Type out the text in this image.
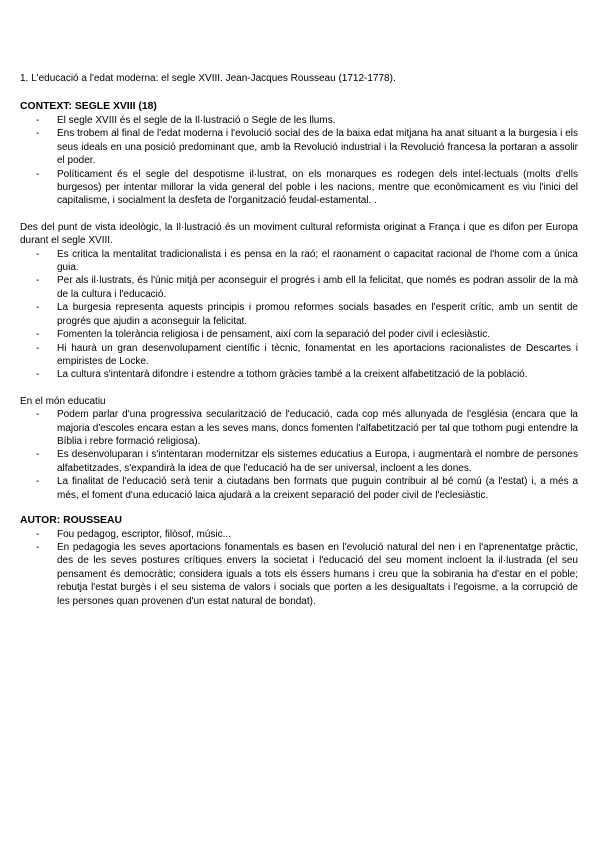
1. L'educació a l'edat moderna: el segle XVIII. Jean-Jacques Rousseau (1712-1778).

CONTEXT: SEGLE XVIII (18)
- El segle XVIII és el segle de la Il·lustració o Segle de les llums.
- Ens trobem al final de l'edat moderna i l'evolució social des de la baixa edat mitjana ha anat situant a la burgesia i els seus ideals en una posició predominant que, amb la Revolució industrial i la Revolució francesa la portaran a assolir el poder.
- Políticament és el segle del despotisme il·lustrat, on els monarques es rodegen dels intel·lectuals (molts d'ells burgesos) per intentar millorar la vida general del poble i les nacions, mentre que econòmicament es viu l'inici del capitalisme, i socialment la desfeta de l'organització feudal-estamental. .

Des del punt de vista ideològic, la Il·lustració és un moviment cultural reformista originat a França i que es difon per Europa durant el segle XVIII.

- Es critica la mentalitat tradicionalista i es pensa en la raó; el raonament o capacitat racional de l'home com a única guia.
- Per als il·lustrats, és l'únic mitjà per aconseguir el progrés i amb ell la felicitat, que només es podran assolir de la mà de la cultura i l'educació.
- La burgesia representa aquests principis i promou reformes socials basades en l'esperit crític, amb un sentit de progrés que ajudin a aconseguir la felicitat.
- Fomenten la tolerància religiosa i de pensament, així com la separació del poder civil i eclesiàstic.
- Hi haurà un gran desenvolupament científic i tècnic, fonamentat en les aportacions racionalistes de Descartes i empiristes de Locke.
- La cultura s'intentarà difondre i estendre a tothom gràcies també a la creixent alfabetització de la població.

En el món educatiu

- Podem parlar d'una progressiva secularització de l'educació, cada cop més allunyada de l'església (encara que la majoria d'escoles encara estan a les seves mans, doncs fomenten l'alfabetització per tal que tothom pugi entendre la Bíblia i rebre formació religiosa).
- Es desenvoluparan i s'intentaran modernitzar els sistemes educatius a Europa, i augmentarà el nombre de persones alfabetitzades, s'expandirà la idea de que l'educació ha de ser universal, incloent a les dones.
- La finalitat de l'educació serà tenir a ciutadans ben formats que puguin contribuir al bé comú (a l'estat) i, a més a més, el foment d'una educació laica ajudarà a la creixent separació del poder civil de l'eclesiàstic.
AUTOR: ROUSSEAU
- Fou pedagog, escriptor, filòsof, músic...
- En pedagogia les seves aportacions fonamentals es basen en l'evolució natural del nen i en l'aprenentatge pràctic, des de les seves postures crítiques envers la societat i l'educació del seu moment incloent la il·lustrada (el seu pensament és democràtic; considera iguals a tots els éssers humans i creu que la sobirania ha d'estar en el poble; rebutja l'estat burgès i el seu sistema de valors i socials que porten a les desigualtats i l'egoisme, a la corrupció de les persones quan provenen d'un estat natural de bondat).
